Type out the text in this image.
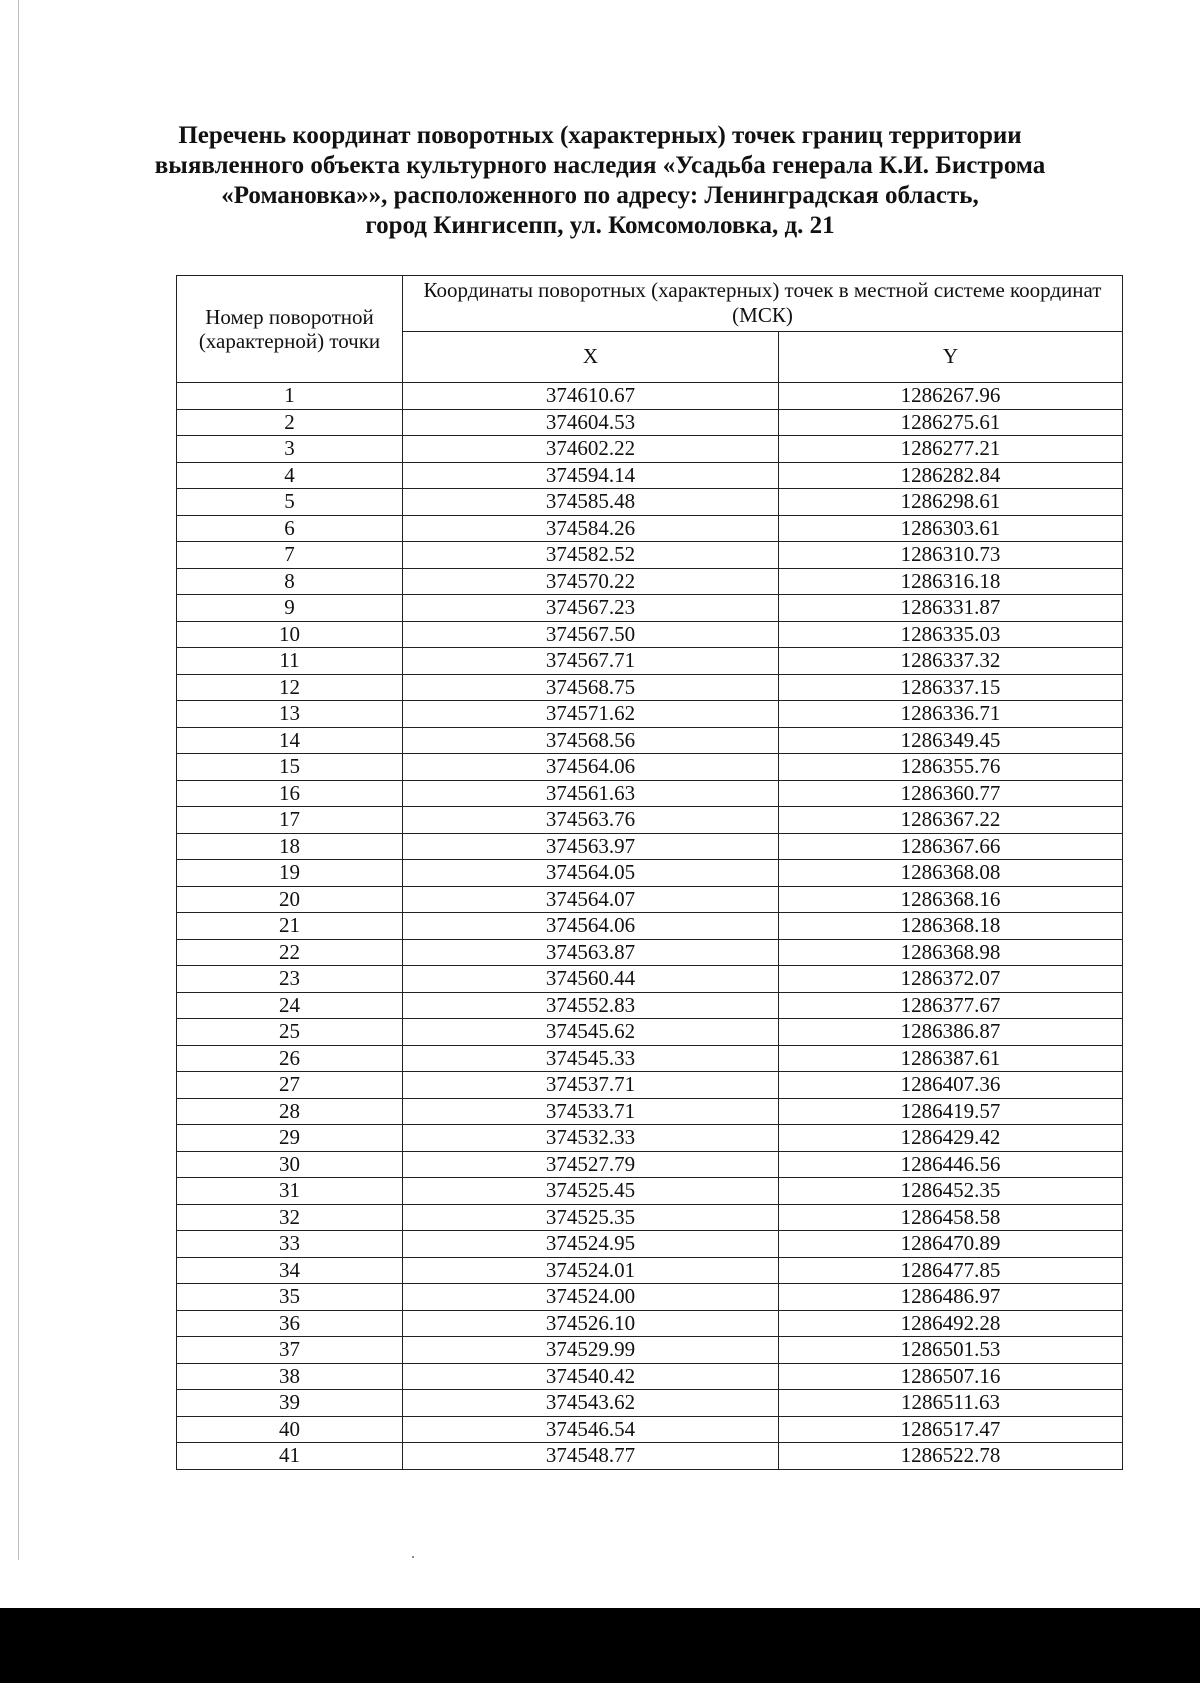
Перечень координат поворотных (характерных) точек границ территории
выявленного объекта культурного наследия «Усадьба генерала К.И. Бистрома
«Романовка»», расположенного по адресу: Ленинградская область,
город Кингисепп, ул. Комсомоловка, д. 21
Номер поворотной (характерной) точки	Координаты поворотных (характерных) точек в местной системе координат (МСК)	
	X	Y
1	374610.67	1286267.96
2	374604.53	1286275.61
3	374602.22	1286277.21
4	374594.14	1286282.84
5	374585.48	1286298.61
6	374584.26	1286303.61
7	374582.52	1286310.73
8	374570.22	1286316.18
9	374567.23	1286331.87
10	374567.50	1286335.03
11	374567.71	1286337.32
12	374568.75	1286337.15
13	374571.62	1286336.71
14	374568.56	1286349.45
15	374564.06	1286355.76
16	374561.63	1286360.77
17	374563.76	1286367.22
18	374563.97	1286367.66
19	374564.05	1286368.08
20	374564.07	1286368.16
21	374564.06	1286368.18
22	374563.87	1286368.98
23	374560.44	1286372.07
24	374552.83	1286377.67
25	374545.62	1286386.87
26	374545.33	1286387.61
27	374537.71	1286407.36
28	374533.71	1286419.57
29	374532.33	1286429.42
30	374527.79	1286446.56
31	374525.45	1286452.35
32	374525.35	1286458.58
33	374524.95	1286470.89
34	374524.01	1286477.85
35	374524.00	1286486.97
36	374526.10	1286492.28
37	374529.99	1286501.53
38	374540.42	1286507.16
39	374543.62	1286511.63
40	374546.54	1286517.47
41	374548.77	1286522.78
